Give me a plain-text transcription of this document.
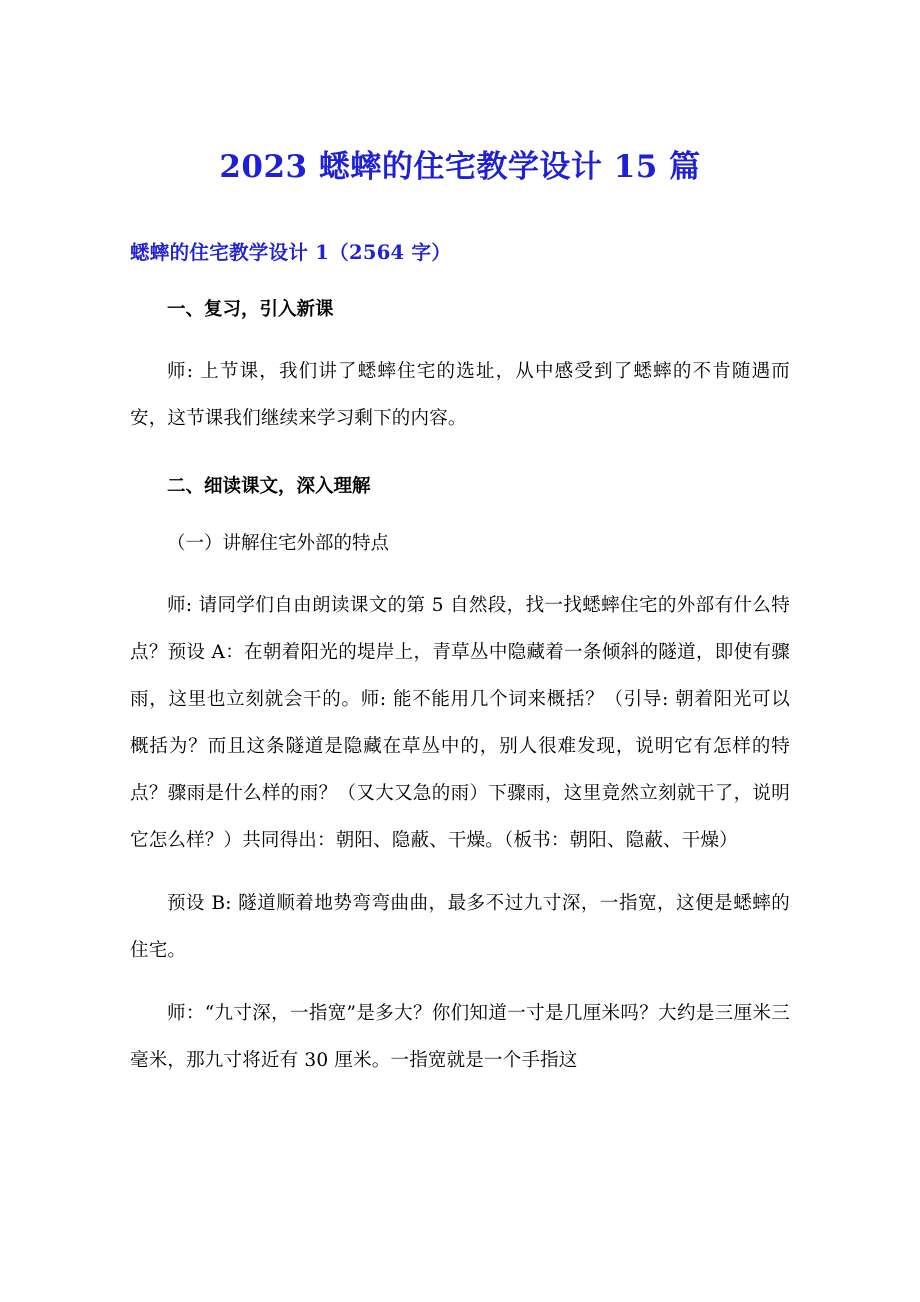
2023 蟋蟀的住宅教学设计 15 篇
蟋蟀的住宅教学设计 1（2564 字）
一、复习，引入新课

师: 上节课，我们讲了蟋蟀住宅的选址，从中感受到了蟋蟀的不肯随遇而安，这节课我们继续来学习剩下的内容。

二、细读课文，深入理解

（一）讲解住宅外部的特点

师: 请同学们自由朗读课文的第 5 自然段，找一找蟋蟀住宅的外部有什么特点？预设 A：在朝着阳光的堤岸上，青草丛中隐藏着一条倾斜的隧道，即使有骤雨，这里也立刻就会干的。师: 能不能用几个词来概括？（引导: 朝着阳光可以概括为？而且这条隧道是隐藏在草丛中的，别人很难发现，说明它有怎样的特点？骤雨是什么样的雨？（又大又急的雨）下骤雨，这里竟然立刻就干了，说明它怎么样？）共同得出：朝阳、隐蔽、干燥。（板书：朝阳、隐蔽、干燥）

预设 B: 隧道顺着地势弯弯曲曲，最多不过九寸深，一指宽，这便是蟋蟀的住宅。

师：“九寸深，一指宽”是多大？你们知道一寸是几厘米吗？大约是三厘米三毫米，那九寸将近有 30 厘米。一指宽就是一个手指这
